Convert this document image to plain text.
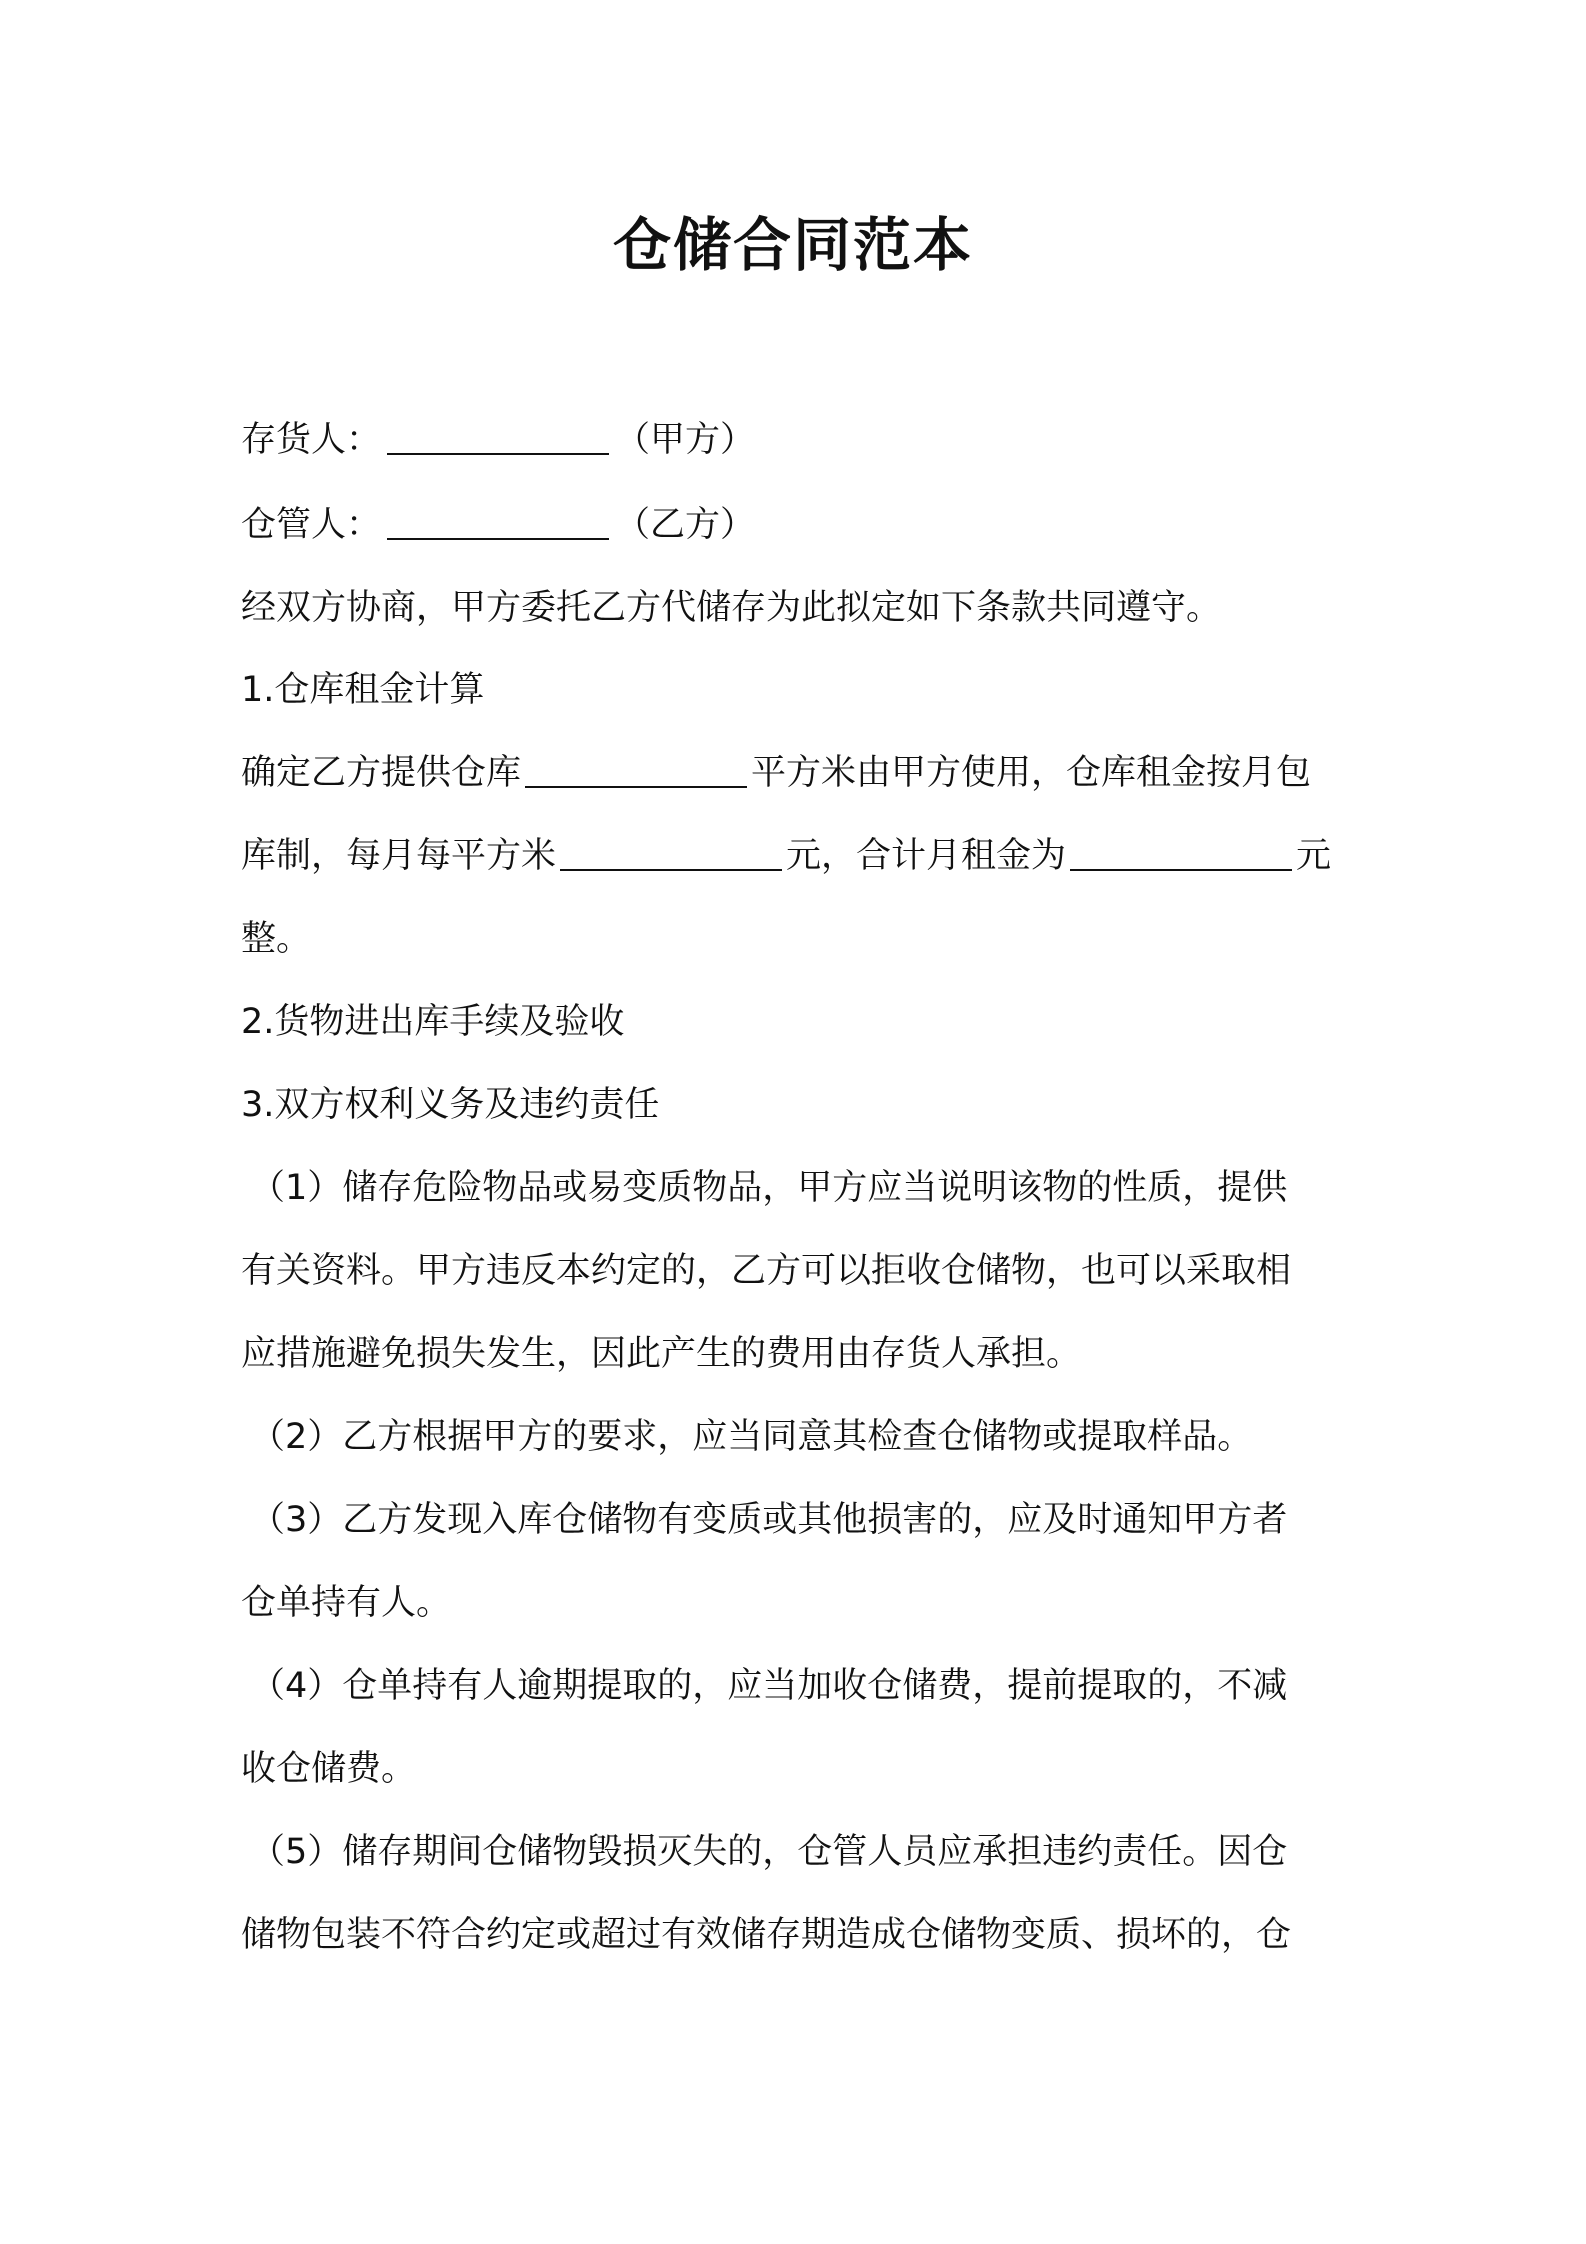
仓储合同范本
存货人：	（甲方）
仓管人：	（乙方）
经双方协商，甲方委托乙方代储存为此拟定如下条款共同遵守。
1.仓库租金计算
确定乙方提供仓库	平方米由甲方使用，仓库租金按月包
库制，每月每平方米	元，合计月租金为	元
整。
2.货物进出库手续及验收
3.双方权利义务及违约责任
（1）储存危险物品或易变质物品，甲方应当说明该物的性质，提供
有关资料。甲方违反本约定的，乙方可以拒收仓储物，也可以采取相
应措施避免损失发生，因此产生的费用由存货人承担。
（2）乙方根据甲方的要求，应当同意其检查仓储物或提取样品。
（3）乙方发现入库仓储物有变质或其他损害的，应及时通知甲方者
仓单持有人。
（4）仓单持有人逾期提取的，应当加收仓储费，提前提取的，不减
收仓储费。
（5）储存期间仓储物毁损灭失的，仓管人员应承担违约责任。因仓
储物包装不符合约定或超过有效储存期造成仓储物变质、损坏的，仓
